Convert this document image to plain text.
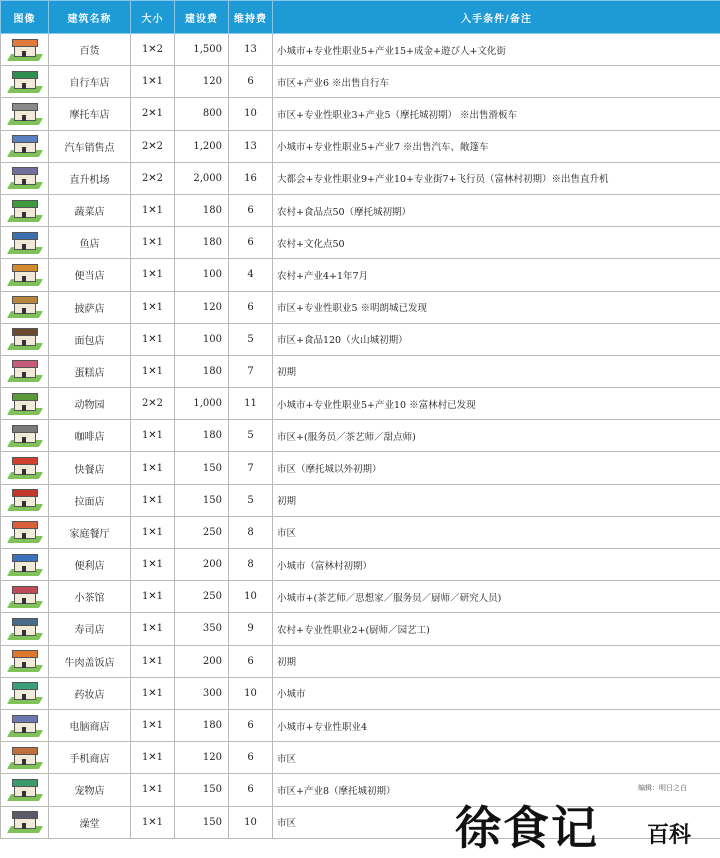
图像	建筑名称	大小	建设费	维持费	入手条件/备注

	百货	1✕2	1,500	13	小城市+专业性职业5+产业15+成金+遊び人+文化街

	自行车店	1✕1	120	6	市区+产业6 ※出售自行车

	摩托车店	2✕1	800	10	市区+专业性职业3+产业5（摩托城初期） ※出售滑板车

	汽车销售点	2✕2	1,200	13	小城市+专业性职业5+产业7 ※出售汽车、敞篷车

	直升机场	2✕2	2,000	16	大都会+专业性职业9+产业10+专业街7+飞行员（富林村初期）※出售直升机

	蔬菜店	1✕1	180	6	农村+食品点50（摩托城初期）

	鱼店	1✕1	180	6	农村+文化点50

	便当店	1✕1	100	4	农村+产业4+1年7月

	披萨店	1✕1	120	6	市区+专业性职业5 ※明朗城已发现

	面包店	1✕1	100	5	市区+食品120（火山城初期）

	蛋糕店	1✕1	180	7	初期

	动物园	2✕2	1,000	11	小城市+专业性职业5+产业10 ※富林村已发现

	咖啡店	1✕1	180	5	市区+(服务员／茶艺师／甜点师)

	快餐店	1✕1	150	7	市区（摩托城以外初期）

	拉面店	1✕1	150	5	初期

	家庭餐厅	1✕1	250	8	市区

	便利店	1✕1	200	8	小城市（富林村初期）

	小茶馆	1✕1	250	10	小城市+(茶艺师／思想家／服务员／厨师／研究人员)

	寿司店	1✕1	350	9	农村+专业性职业2+(厨师／园艺工)

	牛肉盖饭店	1✕1	200	6	初期

	药妆店	1✕1	300	10	小城市

	电脑商店	1✕1	180	6	小城市+专业性职业4

	手机商店	1✕1	120	6	市区

	宠物店	1✕1	150	6	市区+产业8（摩托城初期）

	澡堂	1✕1	150	10	市区
编辑：明日之白
徐食记 百科
